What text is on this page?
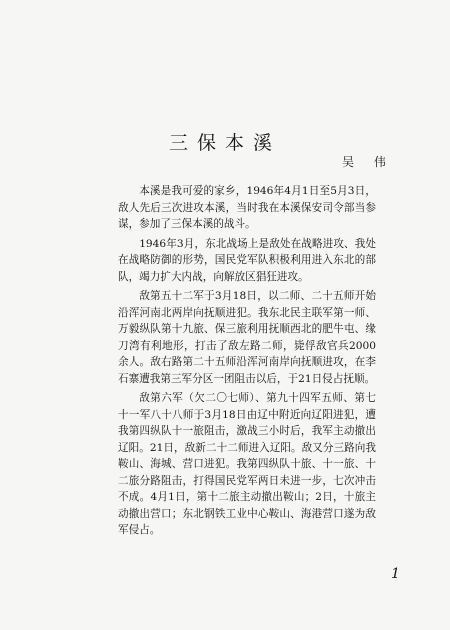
三保本溪
吴 伟

本溪是我可爱的家乡，1946年4月1日至5月3日，敌人先后三次进攻本溪，当时我在本溪保安司令部当参谋，参加了三保本溪的战斗。

1946年3月，东北战场上是敌处在战略进攻、我处在战略防御的形势，国民党军队积极利用进入东北的部队，竭力扩大内战，向解放区猖狂进攻。

敌第五十二军于3月18日，以二师、二十五师开始沿浑河南北两岸向抚顺进犯。我东北民主联军第一师、万毅纵队第十九旅、保三旅利用抚顺西北的肥牛屯、缘刀湾有利地形，打击了敌左路二师，毙俘敌官兵2000余人。敌右路第二十五师沿浑河南岸向抚顺进攻，在李石寨遭我第三军分区一团阻击以后，于21日侵占抚顺。

敌第六军（欠二〇七师）、第九十四军五师、第七十一军八十八师于3月18日由辽中附近向辽阳进犯，遭我第四纵队十一旅阻击，激战三小时后，我军主动撤出辽阳。21日，敌新二十二师进入辽阳。敌又分三路向我鞍山、海城、营口进犯。我第四纵队十旅、十一旅、十二旅分路阻击，打得国民党军两日未进一步，七次冲击不成。4月1日，第十二旅主动撤出鞍山；2日，十旅主动撤出营口；东北钢铁工业中心鞍山、海港营口遂为敌军侵占。

1
